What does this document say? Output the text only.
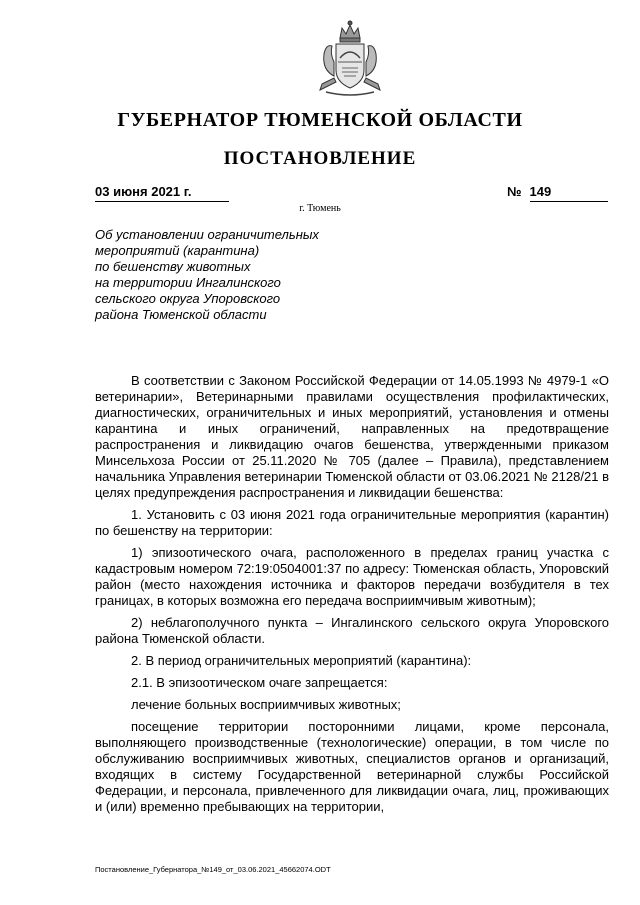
ГУБЕРНАТОР ТЮМЕНСКОЙ ОБЛАСТИ
ПОСТАНОВЛЕНИЕ
03 июня 2021 г.	№ 149
г. Тюмень
Об установлении ограничительных
мероприятий (карантина)
по бешенству животных
на территории Ингалинского
сельского округа Упоровского
района Тюменской области

В соответствии с Законом Российской Федерации от 14.05.1993 № 4979-1 «О ветеринарии», Ветеринарными правилами осуществления профилактических, диагностических, ограничительных и иных мероприятий, установления и отмены карантина и иных ограничений, направленных на предотвращение распространения и ликвидацию очагов бешенства, утвержденными приказом Минсельхоза России от 25.11.2020 № 705 (далее – Правила), представлением начальника Управления ветеринарии Тюменской области от 03.06.2021 № 2128/21 в целях предупреждения распространения и ликвидации бешенства:

1. Установить с 03 июня 2021 года ограничительные мероприятия (карантин) по бешенству на территории:

1) эпизоотического очага, расположенного в пределах границ участка с кадастровым номером 72:19:0504001:37 по адресу: Тюменская область, Упоровский район (место нахождения источника и факторов передачи возбудителя в тех границах, в которых возможна его передача восприимчивым животным);

2) неблагополучного пункта – Ингалинского сельского округа Упоровского района Тюменской области.

2. В период ограничительных мероприятий (карантина):

2.1. В эпизоотическом очаге запрещается:

лечение больных восприимчивых животных;

посещение территории посторонними лицами, кроме персонала, выполняющего производственные (технологические) операции, в том числе по обслуживанию восприимчивых животных, специалистов органов и организаций, входящих в систему Государственной ветеринарной службы Российской Федерации, и персонала, привлеченного для ликвидации очага, лиц, проживающих и (или) временно пребывающих на территории,

Постановление_Губернатора_№149_от_03.06.2021_45662074.ODT
